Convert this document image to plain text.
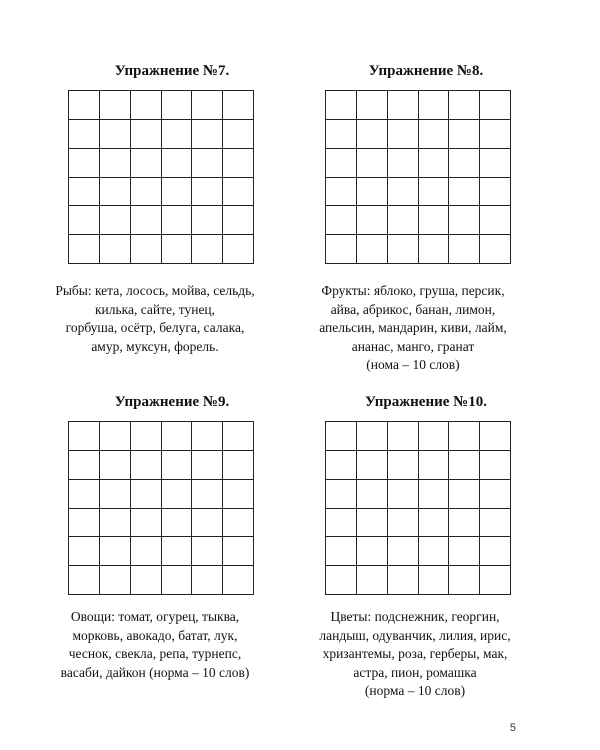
Упражнение №7.
Рыбы: кета, лосось, мойва, сельдь,
килька, сайте, тунец,
горбуша, осётр, белуга, салака,
амур, муксун, форель.
Упражнение №8.
Фрукты: яблоко, груша, персик,
айва, абрикос, банан, лимон,
апельсин, мандарин, киви, лайм,
ананас, манго, гранат
(нома – 10 слов)
Упражнение №9.
Овощи: томат, огурец, тыква,
морковь, авокадо, батат, лук,
чеснок, свекла, репа, турнепс,
васаби, дайкон (норма – 10 слов)
Упражнение №10.
Цветы: подснежник, георгин,
ландыш, одуванчик, лилия, ирис,
хризантемы, роза, герберы, мак,
астра, пион, ромашка
(норма – 10 слов)
5
